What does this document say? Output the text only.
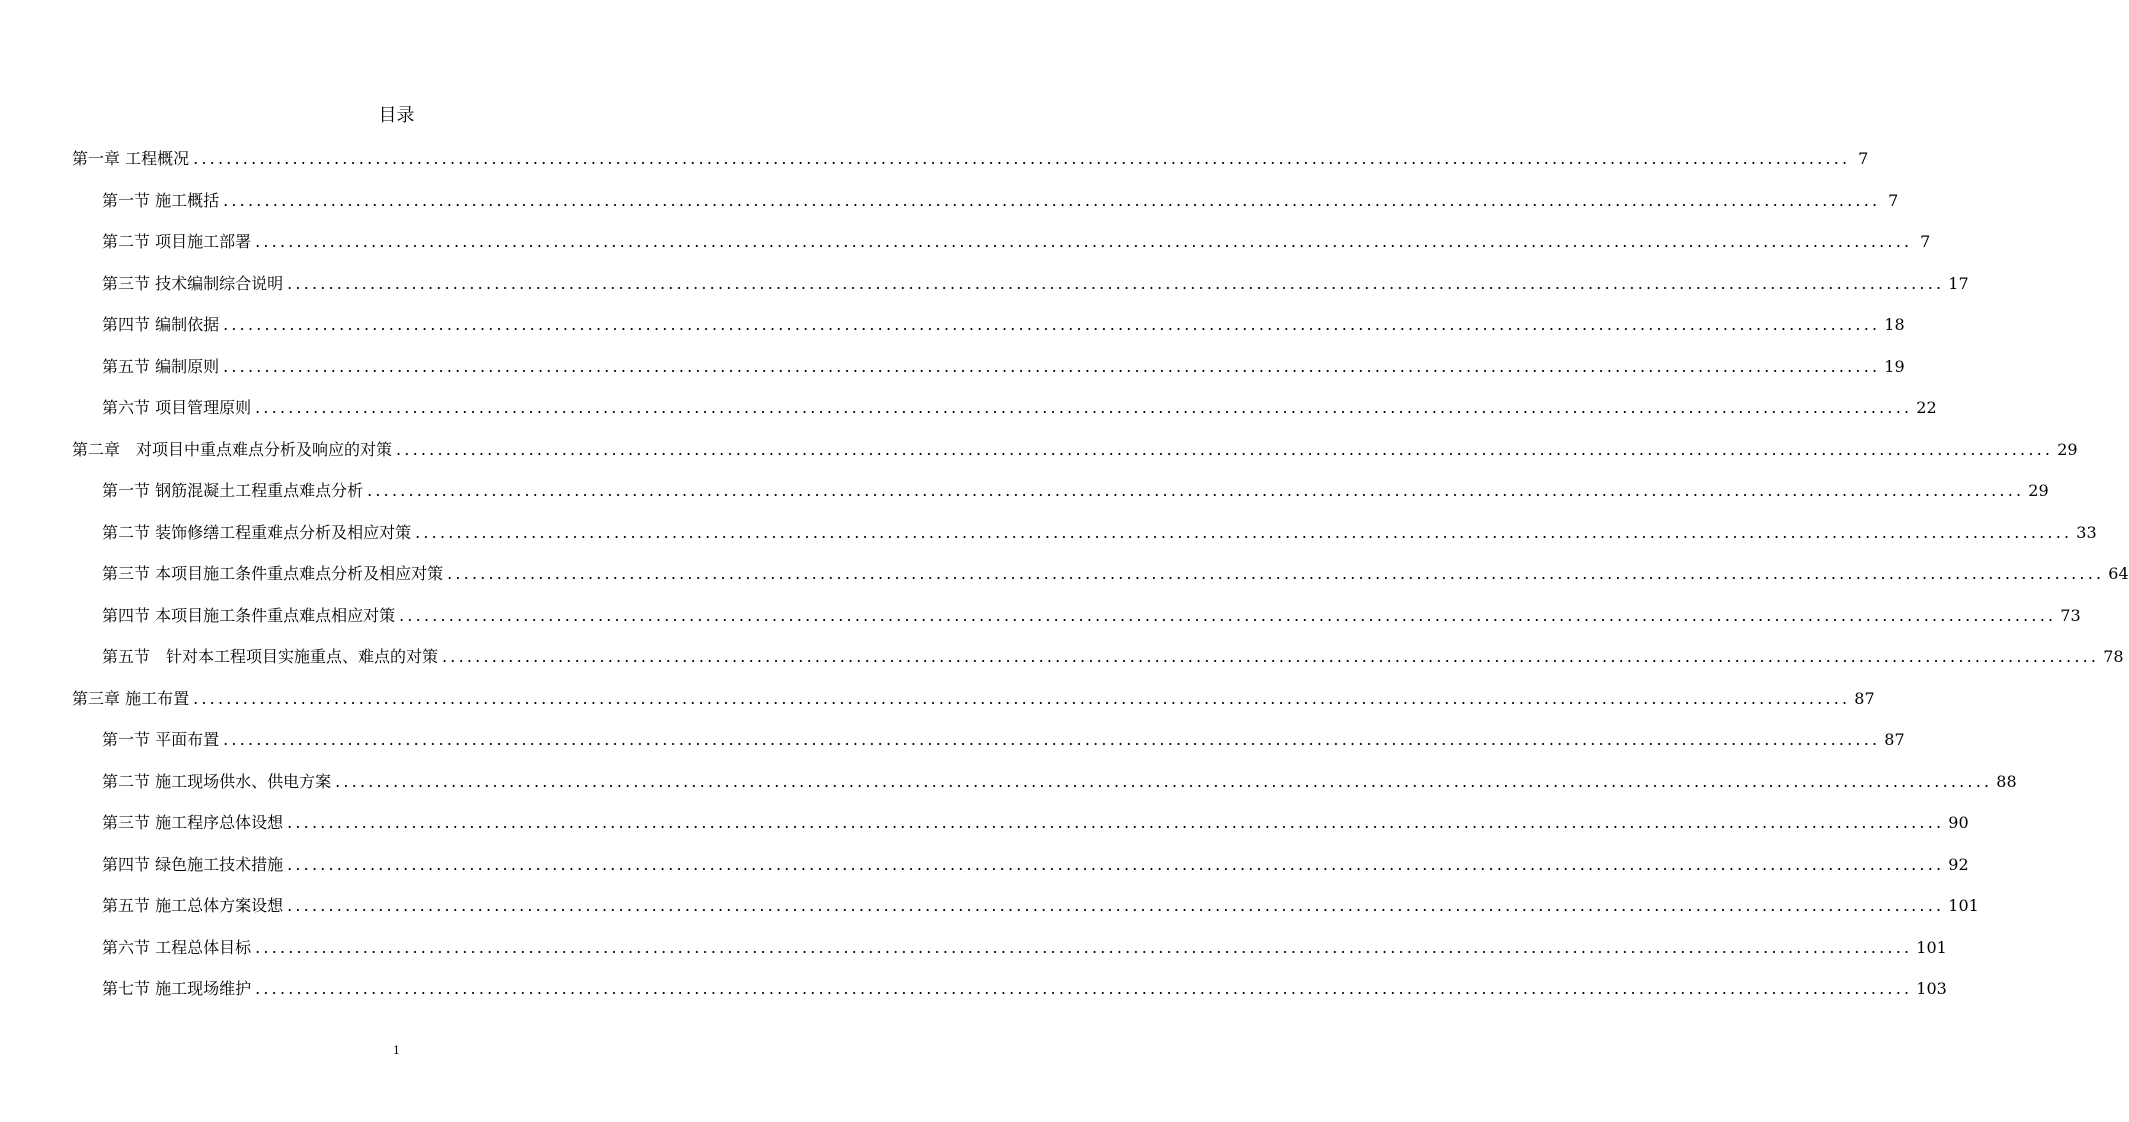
目录
第一章 工程概况 ........................................................................................................................................................................................................ 7
第一节 施工概括 ........................................................................................................................................................................................................ 7
第二节 项目施工部署 ........................................................................................................................................................................................................ 7
第三节 技术编制综合说明 ........................................................................................................................................................................................................ 17
第四节 编制依据 ........................................................................................................................................................................................................ 18
第五节 编制原则 ........................................................................................................................................................................................................ 19
第六节 项目管理原则 ........................................................................................................................................................................................................ 22
第二章　对项目中重点难点分析及响应的对策 ........................................................................................................................................................................................................ 29
第一节 钢筋混凝土工程重点难点分析 ........................................................................................................................................................................................................ 29
第二节 装饰修缮工程重难点分析及相应对策 ........................................................................................................................................................................................................ 33
第三节 本项目施工条件重点难点分析及相应对策 ........................................................................................................................................................................................................ 64
第四节 本项目施工条件重点难点相应对策 ........................................................................................................................................................................................................ 73
第五节　针对本工程项目实施重点、难点的对策 ........................................................................................................................................................................................................ 78
第三章 施工布置 ........................................................................................................................................................................................................ 87
第一节 平面布置 ........................................................................................................................................................................................................ 87
第二节 施工现场供水、供电方案 ........................................................................................................................................................................................................ 88
第三节 施工程序总体设想 ........................................................................................................................................................................................................ 90
第四节 绿色施工技术措施 ........................................................................................................................................................................................................ 92
第五节 施工总体方案设想 ........................................................................................................................................................................................................ 101
第六节 工程总体目标 ........................................................................................................................................................................................................ 101
第七节 施工现场维护 ........................................................................................................................................................................................................ 103
1
